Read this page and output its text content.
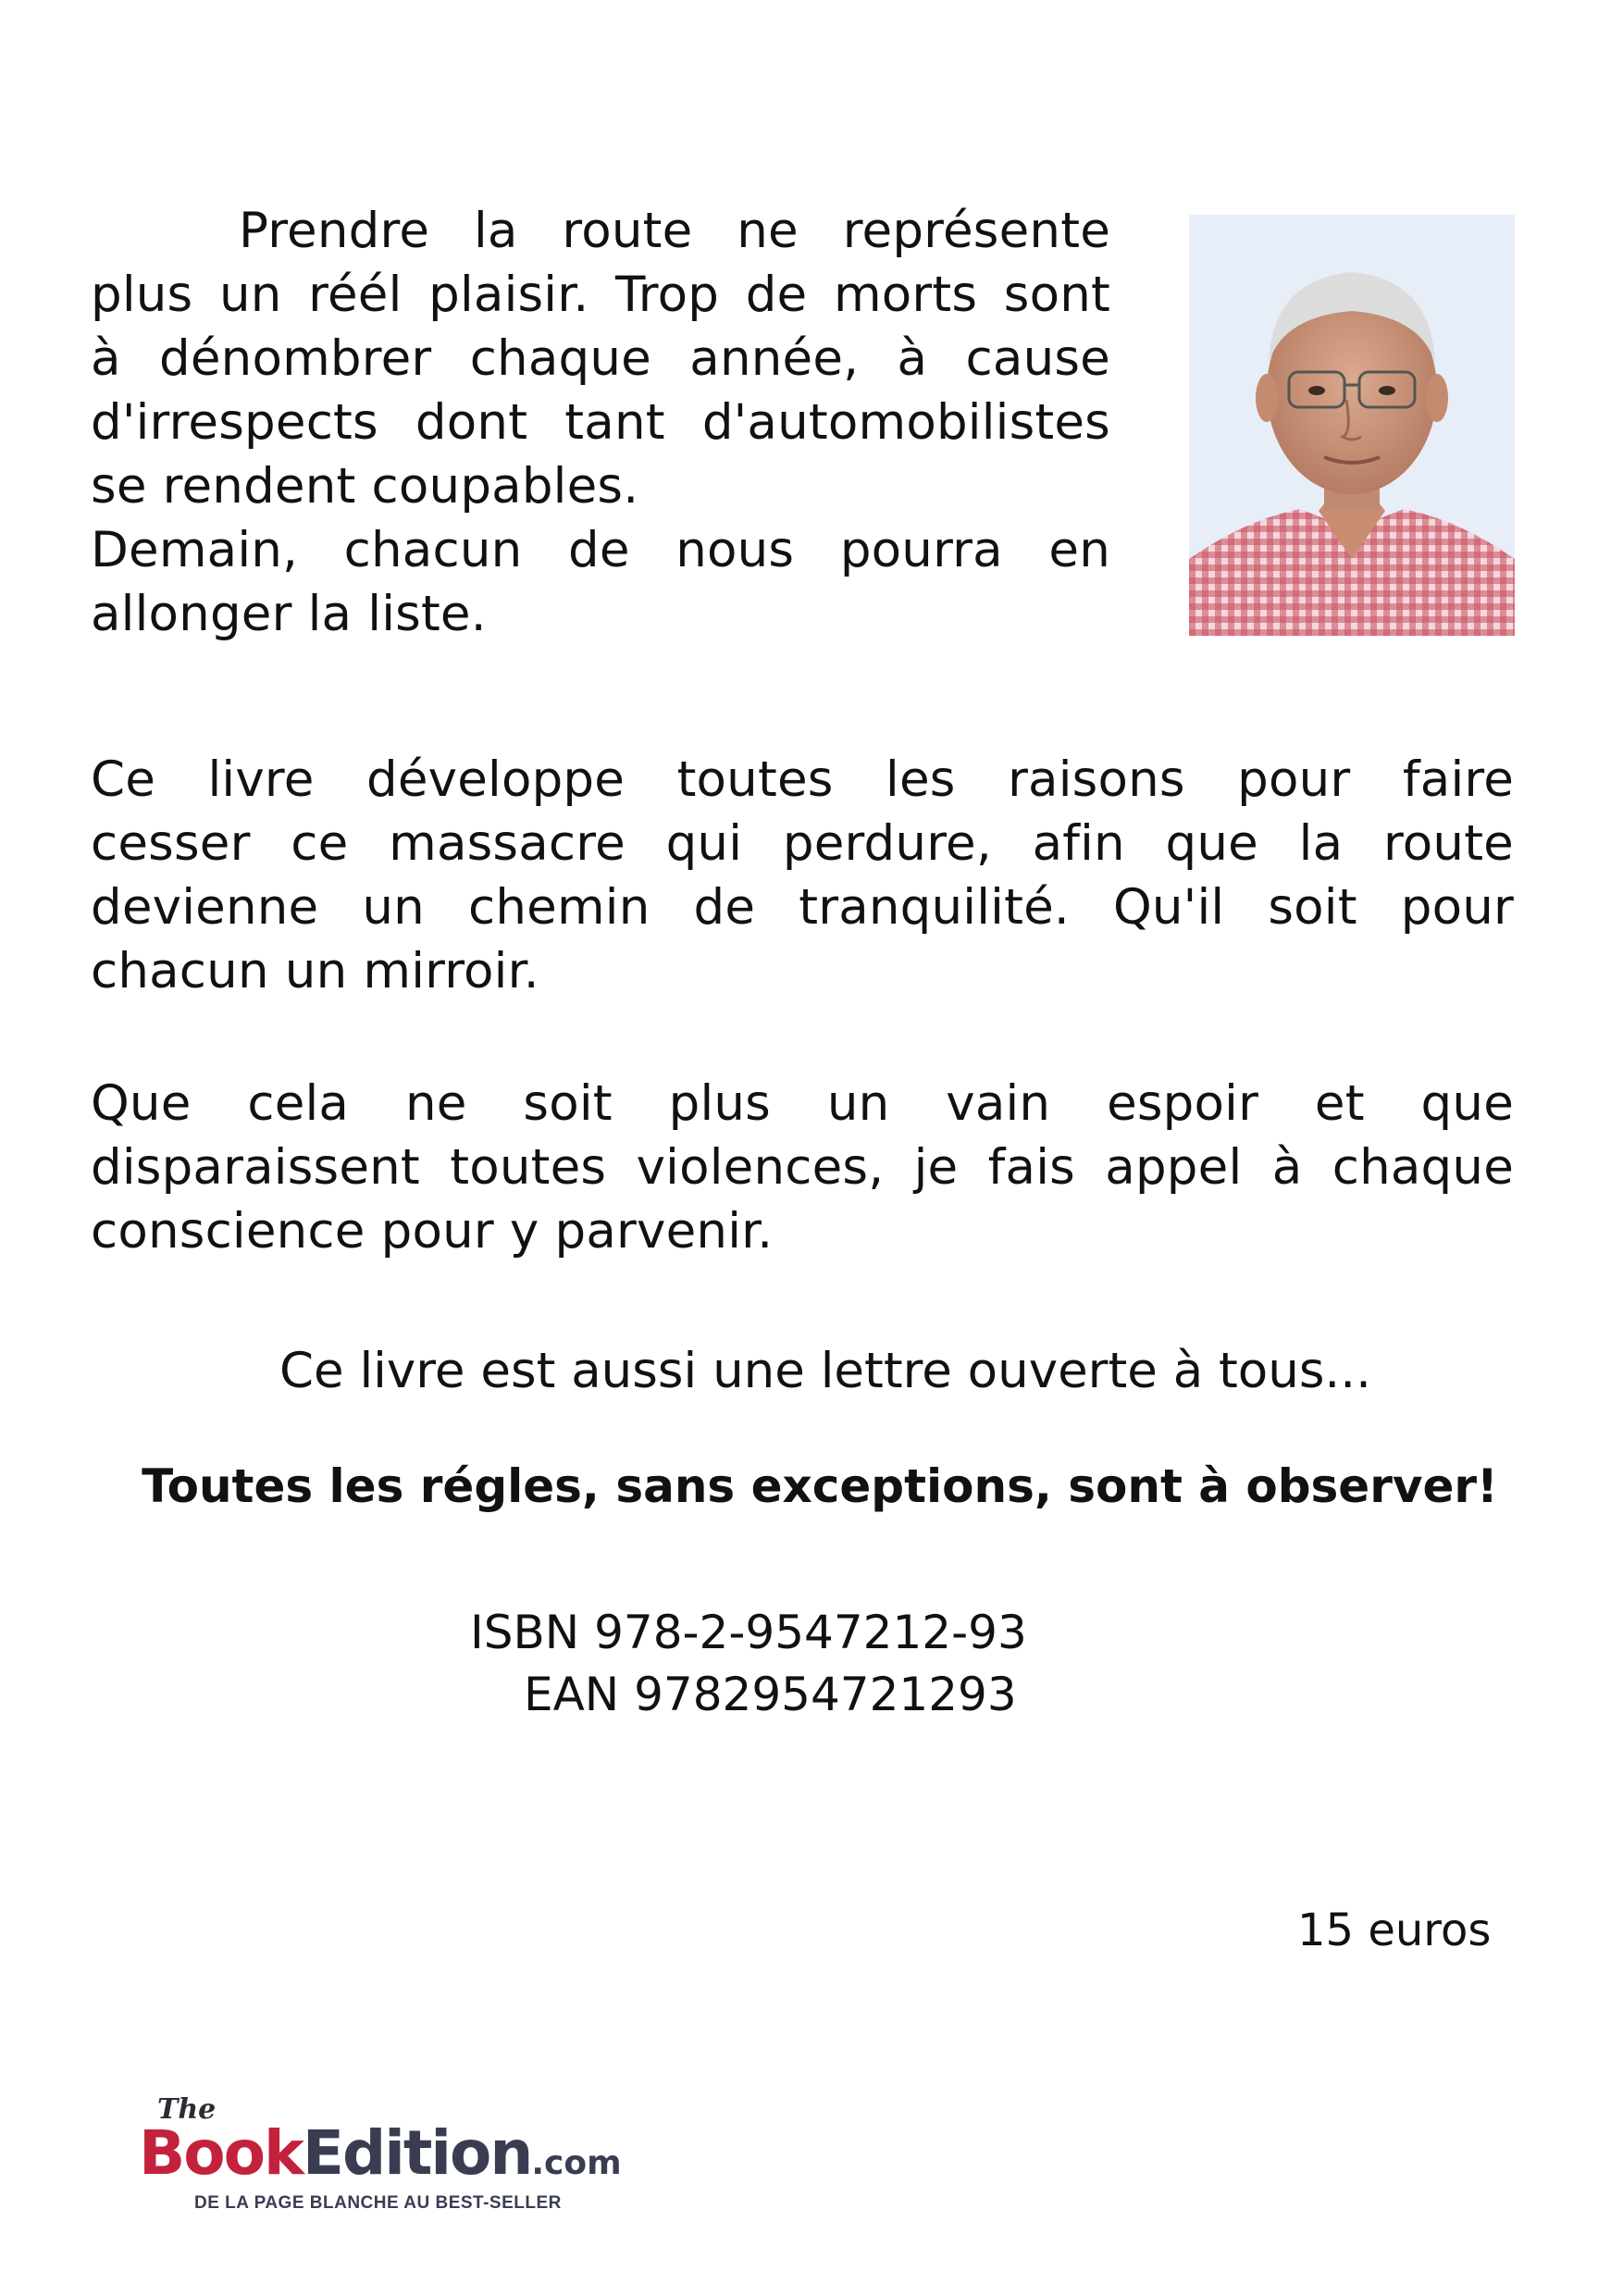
Prendre la route ne représente
plus un réél plaisir. Trop de morts sont
à dénombrer chaque année, à cause
d'irrespects dont tant d'automobilistes
se rendent coupables.
Demain, chacun de nous pourra en
allonger la liste.
Ce livre développe toutes les raisons pour faire
cesser ce massacre qui perdure, afin que la route
devienne un chemin de tranquilité. Qu'il soit pour
chacun un mirroir.
Que cela ne soit plus un vain espoir et que
disparaissent toutes violences, je fais appel à chaque
conscience pour y parvenir.

Ce livre est aussi une lettre ouverte à tous...

Toutes les régles, sans exceptions, sont à observer!

ISBN 978-2-9547212-93
EAN 9782954721293
15 euros
The
BookEdition.com
DE LA PAGE BLANCHE AU BEST-SELLER
